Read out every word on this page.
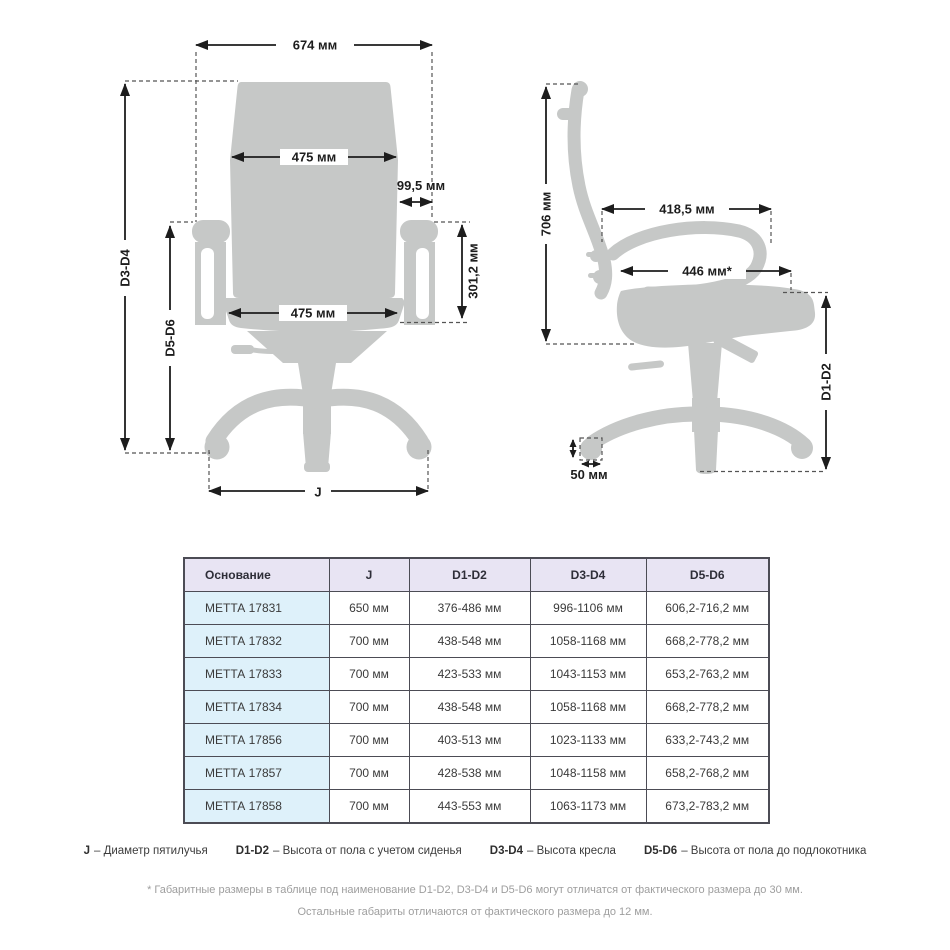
674 мм
475 мм
99,5 мм
301,2 мм
475 мм
D3-D4
D5-D6
J
706 мм	418,5 мм
446 мм*
D1-D2
50 мм
Основание	J	D1-D2	D3-D4	D5-D6
МЕТТА 17831	650 мм	376-486 мм	996-1106 мм	606,2-716,2 мм
МЕТТА 17832	700 мм	438-548 мм	1058-1168 мм	668,2-778,2 мм
МЕТТА 17833	700 мм	423-533 мм	1043-1153 мм	653,2-763,2 мм
МЕТТА 17834	700 мм	438-548 мм	1058-1168 мм	668,2-778,2 мм
МЕТТА 17856	700 мм	403-513 мм	1023-1133 мм	633,2-743,2 мм
МЕТТА 17857	700 мм	428-538 мм	1048-1158 мм	658,2-768,2 мм
МЕТТА 17858	700 мм	443-553 мм	1063-1173 мм	673,2-783,2 мм
J – Диаметр пятилучья D1-D2 – Высота от пола с учетом сиденья D3-D4 – Высота кресла D5-D6 – Высота от пола до подлокотника
* Габаритные размеры в таблице под наименование D1-D2, D3-D4 и D5-D6 могут отличатся от фактического размера до 30 мм.
Остальные габариты отличаются от фактического размера до 12 мм.
